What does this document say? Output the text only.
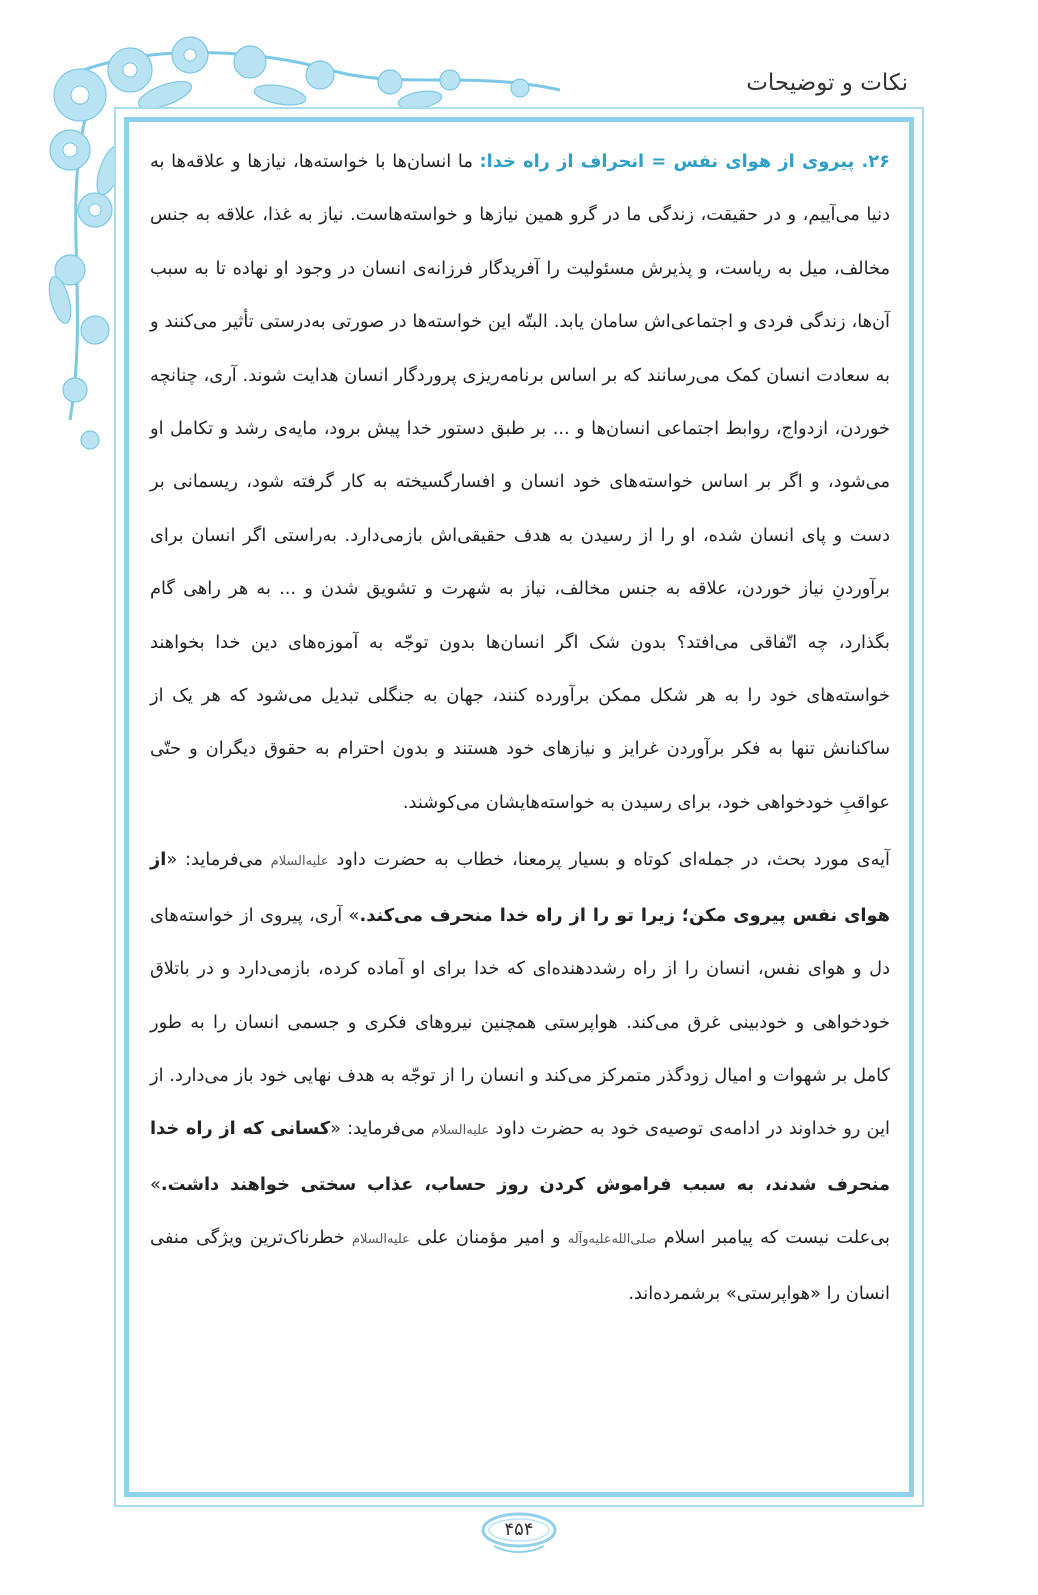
نکات و توضیحات

۲۶. پیروی از هوای نفس = انحراف از راه خدا: ما انسان‌ها با خواسته‌ها، نیازها و علاقه‌ها به دنیا می‌آییم، و در حقیقت، زندگی ما در گرو همین نیازها و خواسته‌هاست. نیاز به غذا، علاقه به جنس مخالف، میل به ریاست، و پذیرش مسئولیت را آفریدگار فرزانه‌ی انسان در وجود او نهاده تا به سبب آن‌ها، زندگی فردی و اجتماعی‌اش سامان یابد. البتّه این خواسته‌ها در صورتی به‌درستی تأثیر می‌کنند و به سعادت انسان کمک می‌رسانند که بر اساس برنامه‌ریزی پروردگار انسان هدایت شوند. آری، چنانچه خوردن، ازدواج، روابط اجتماعی انسان‌ها و ... بر طبق دستور خدا پیش برود، مایه‌ی رشد و تکامل او می‌شود، و اگر بر اساس خواسته‌های خود انسان و افسارگسیخته به کار گرفته شود، ریسمانی بر دست و پای انسان شده، او را از رسیدن به هدف حقیقی‌اش بازمی‌دارد. به‌راستی اگر انسان برای برآوردنِ نیاز خوردن، علاقه به جنس مخالف، نیاز به شهرت و تشویق شدن و ... به هر راهی گام بگذارد، چه اتّفاقی می‌افتد؟ بدون شک اگر انسان‌ها بدون توجّه به آموزه‌های دین خدا بخواهند خواسته‌های خود را به هر شکل ممکن برآورده کنند، جهان به جنگلی تبدیل می‌شود که هر یک از ساکنانش تنها به فکر برآوردن غرایز و نیازهای خود هستند و بدون احترام به حقوق دیگران و حتّی عواقبِ خودخواهی خود، برای رسیدن به خواسته‌هایشان می‌کوشند.

آیه‌ی مورد بحث، در جمله‌ای کوتاه و بسیار پرمعنا، خطاب به حضرت داود علیه‌السلام می‌فرماید: «از هوای نفس پیروی مکن؛ زیرا تو را از راه خدا منحرف می‌کند.» آری، پیروی از خواسته‌های دل و هوای نفس، انسان را از راه رشددهنده‌ای که خدا برای او آماده کرده، بازمی‌دارد و در باتلاق خودخواهی و خودبینی غرق می‌کند. هواپرستی همچنین نیروهای فکری و جسمی انسان را به طور کامل بر شهوات و امیال زودگذر متمرکز می‌کند و انسان را از توجّه به هدف نهایی خود باز می‌دارد. از این رو خداوند در ادامه‌ی توصیه‌ی خود به حضرت داود علیه‌السلام می‌فرماید: «کسانی که از راه خدا منحرف شدند، به سبب فراموش کردن روز حساب، عذاب سختی خواهند داشت.» بی‌علت نیست که پیامبر اسلام صلی‌الله‌علیه‌وآله و امیر مؤمنان علی علیه‌السلام خطرناک‌ترین ویژگی منفی انسان را «هواپرستی» برشمرده‌اند.

۴۵۴
